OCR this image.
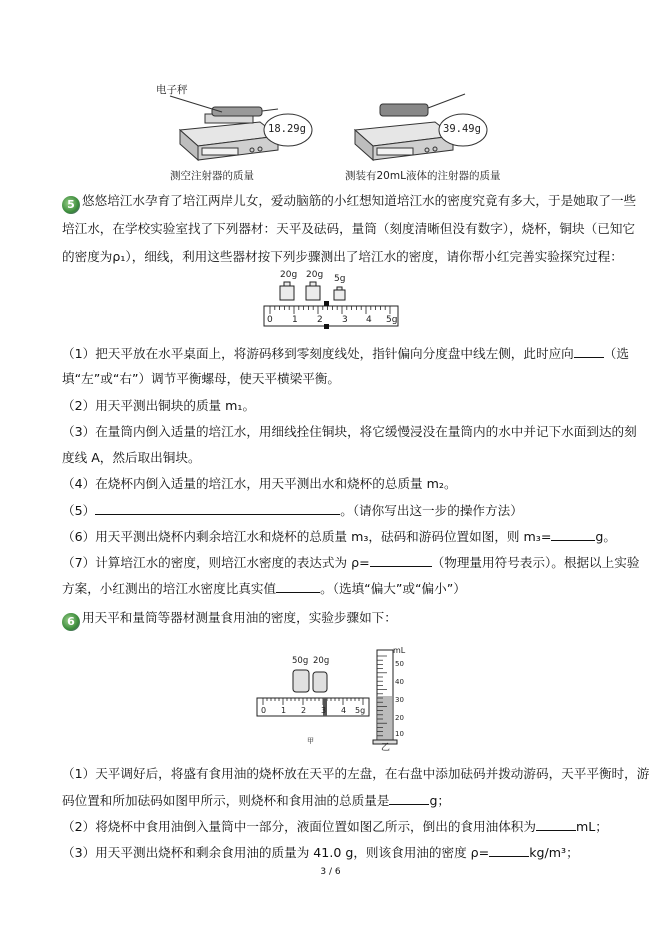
电子秤
18.29g	39.49g
测空注射器的质量	测装有20mL液体的注射器的质量
5 悠悠培江水孕育了培江两岸儿女，爱动脑筋的小红想知道培江水的密度究竟有多大，于是她取了一些
培江水，在学校实验室找了下列器材：天平及砝码，量筒（刻度清晰但没有数字），烧杯，铜块（已知它
的密度为ρ₁），细线，利用这些器材按下列步骤测出了培江水的密度，请你帮小红完善实验探究过程：
20g 20g 5g
0 1 2 3 4 5g
（1）把天平放在水平桌面上，将游码移到零刻度线处，指针偏向分度盘中线左侧，此时应向 （选
填“左”或“右”）调节平衡螺母，使天平横梁平衡。
（2）用天平测出铜块的质量 m₁。
（3）在量筒内倒入适量的培江水，用细线拴住铜块，将它缓慢浸没在量筒内的水中并记下水面到达的刻
度线 A，然后取出铜块。
（4）在烧杯内倒入适量的培江水，用天平测出水和烧杯的总质量 m₂。
（5）	。（请你写出这一步的操作方法）
（6）用天平测出烧杯内剩余培江水和烧杯的总质量 m₃，砝码和游码位置如图，则 m₃=	g。
（7）计算培江水的密度，则培江水密度的表达式为 ρ=	（物理量用符号表示）。根据以上实验
方案，小红测出的培江水密度比真实值	。（选填“偏大”或“偏小”）
6 用天平和量筒等器材测量食用油的密度，实验步骤如下：
50g 20g
0 1 2 3 4 5g
甲
mL
50
40
30
20
10
乙
（1）天平调好后，将盛有食用油的烧杯放在天平的左盘，在右盘中添加砝码并拨动游码，天平平衡时，游
码位置和所加砝码如图甲所示，则烧杯和食用油的总质量是	g；
（2）将烧杯中食用油倒入量筒中一部分，液面位置如图乙所示，倒出的食用油体积为	mL；
（3）用天平测出烧杯和剩余食用油的质量为 41.0 g，则该食用油的密度 ρ=	kg/m³；
3 / 6
